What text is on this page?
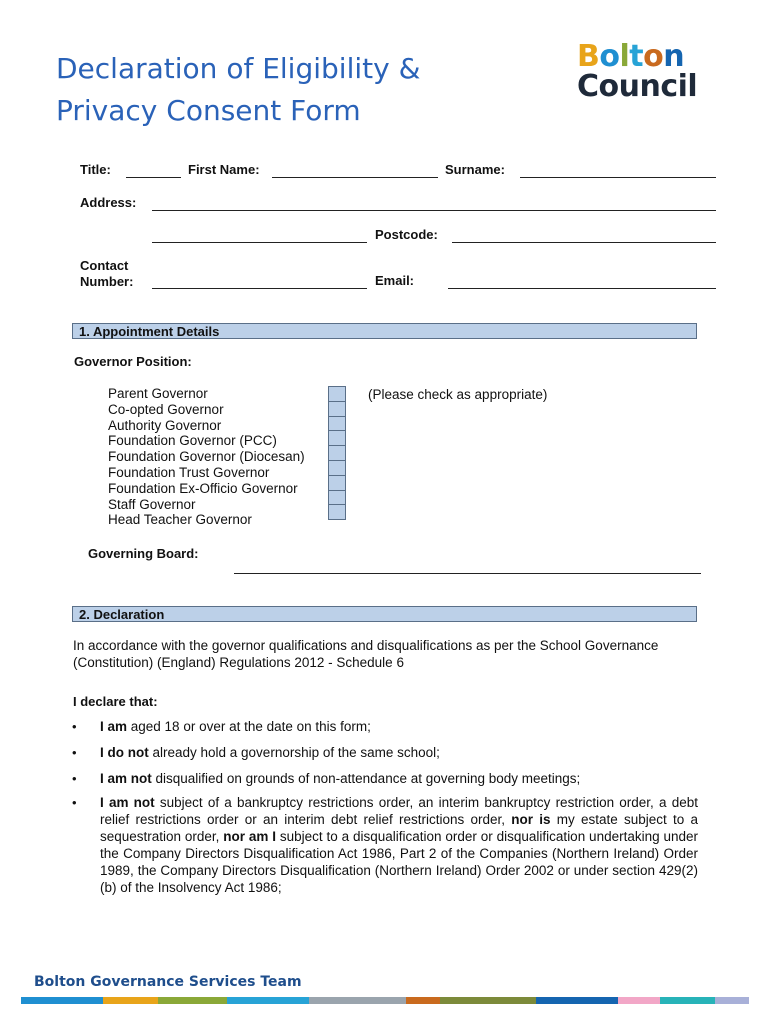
Declaration of Eligibility &
Privacy Consent Form
Bolton
Council
Title:	First Name:	Surname:
Address:
Postcode:
Contact
Number:	Email:
1. Appointment Details
Governor Position:
Parent Governor
Co-opted Governor
Authority Governor
Foundation Governor (PCC)
Foundation Governor (Diocesan)
Foundation Trust Governor
Foundation Ex-Officio Governor
Staff Governor
Head Teacher Governor
(Please check as appropriate)
Governing Board:
2. Declaration
In accordance with the governor qualifications and disqualifications as per the School Governance
(Constitution) (England) Regulations 2012 - Schedule 6
I declare that:
• I am aged 18 or over at the date on this form;
• I do not already hold a governorship of the same school;
• I am not disqualified on grounds of non-attendance at governing body meetings;
• I am not subject of a bankruptcy restrictions order, an interim bankruptcy restriction order, a debt relief restrictions order or an interim debt relief restrictions order, nor is my estate subject to a sequestration order, nor am I subject to a disqualification order or disqualification undertaking under the Company Directors Disqualification Act 1986, Part 2 of the Companies (Northern Ireland) Order 1989, the Company Directors Disqualification (Northern Ireland) Order 2002 or under section 429(2)(b) of the Insolvency Act 1986;
Bolton Governance Services Team
